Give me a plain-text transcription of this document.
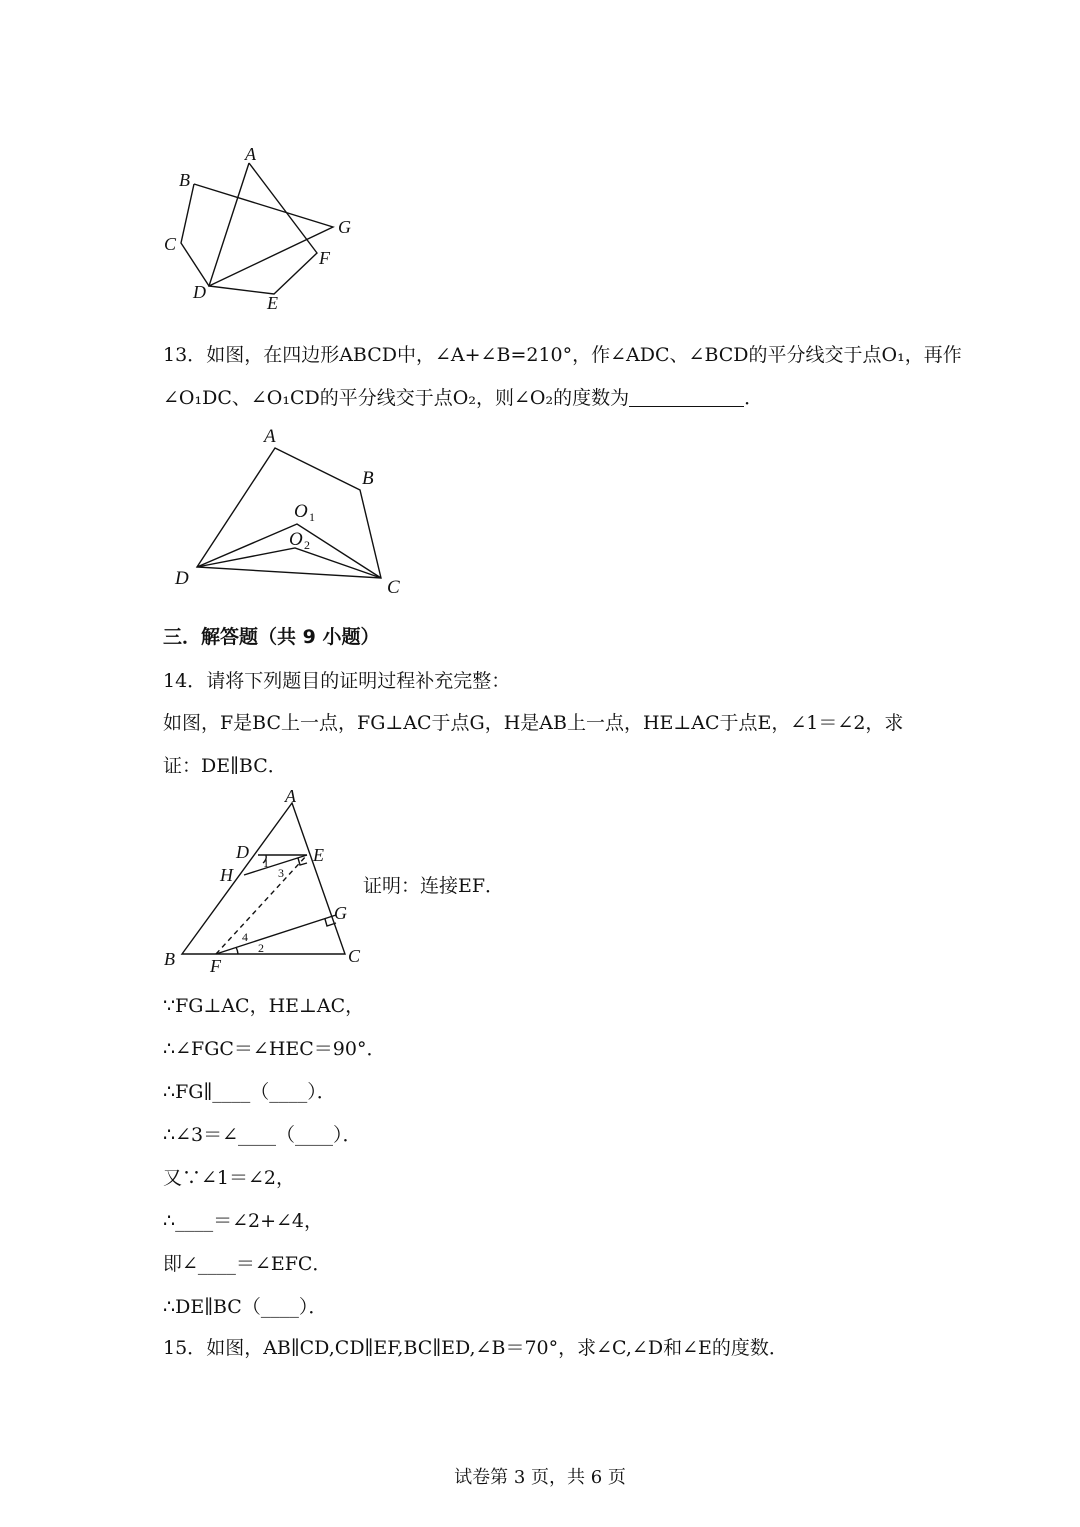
A
B
C
D
E
F
G
13．如图，在四边形ABCD中，∠A+∠B=210°，作∠ADC、∠BCD的平分线交于点O₁，再作
∠O₁DC、∠O₁CD的平分线交于点O₂，则∠O₂的度数为	．
A
B
C
D
O 1
O 2
三．解答题（共 9 小题）
14．请将下列题目的证明过程补充完整：
如图，F是BC上一点，FG⊥AC于点G，H是AB上一点，HE⊥AC于点E，∠1＝∠2，求
证：DE∥BC．
A
B	C
D	E
F
G
H
1
2
3
4
证明：连接EF．
∵FG⊥AC，HE⊥AC，
∴∠FGC＝∠HEC＝90°．
∴FG∥____（____）．
∴∠3＝∠____（____）．
又∵∠1＝∠2，
∴____＝∠2+∠4，
即∠____＝∠EFC．
∴DE∥BC（____）．
15．如图，AB∥CD,CD∥EF,BC∥ED,∠B＝70°，求∠C,∠D和∠E的度数．
试卷第 3 页，共 6 页
